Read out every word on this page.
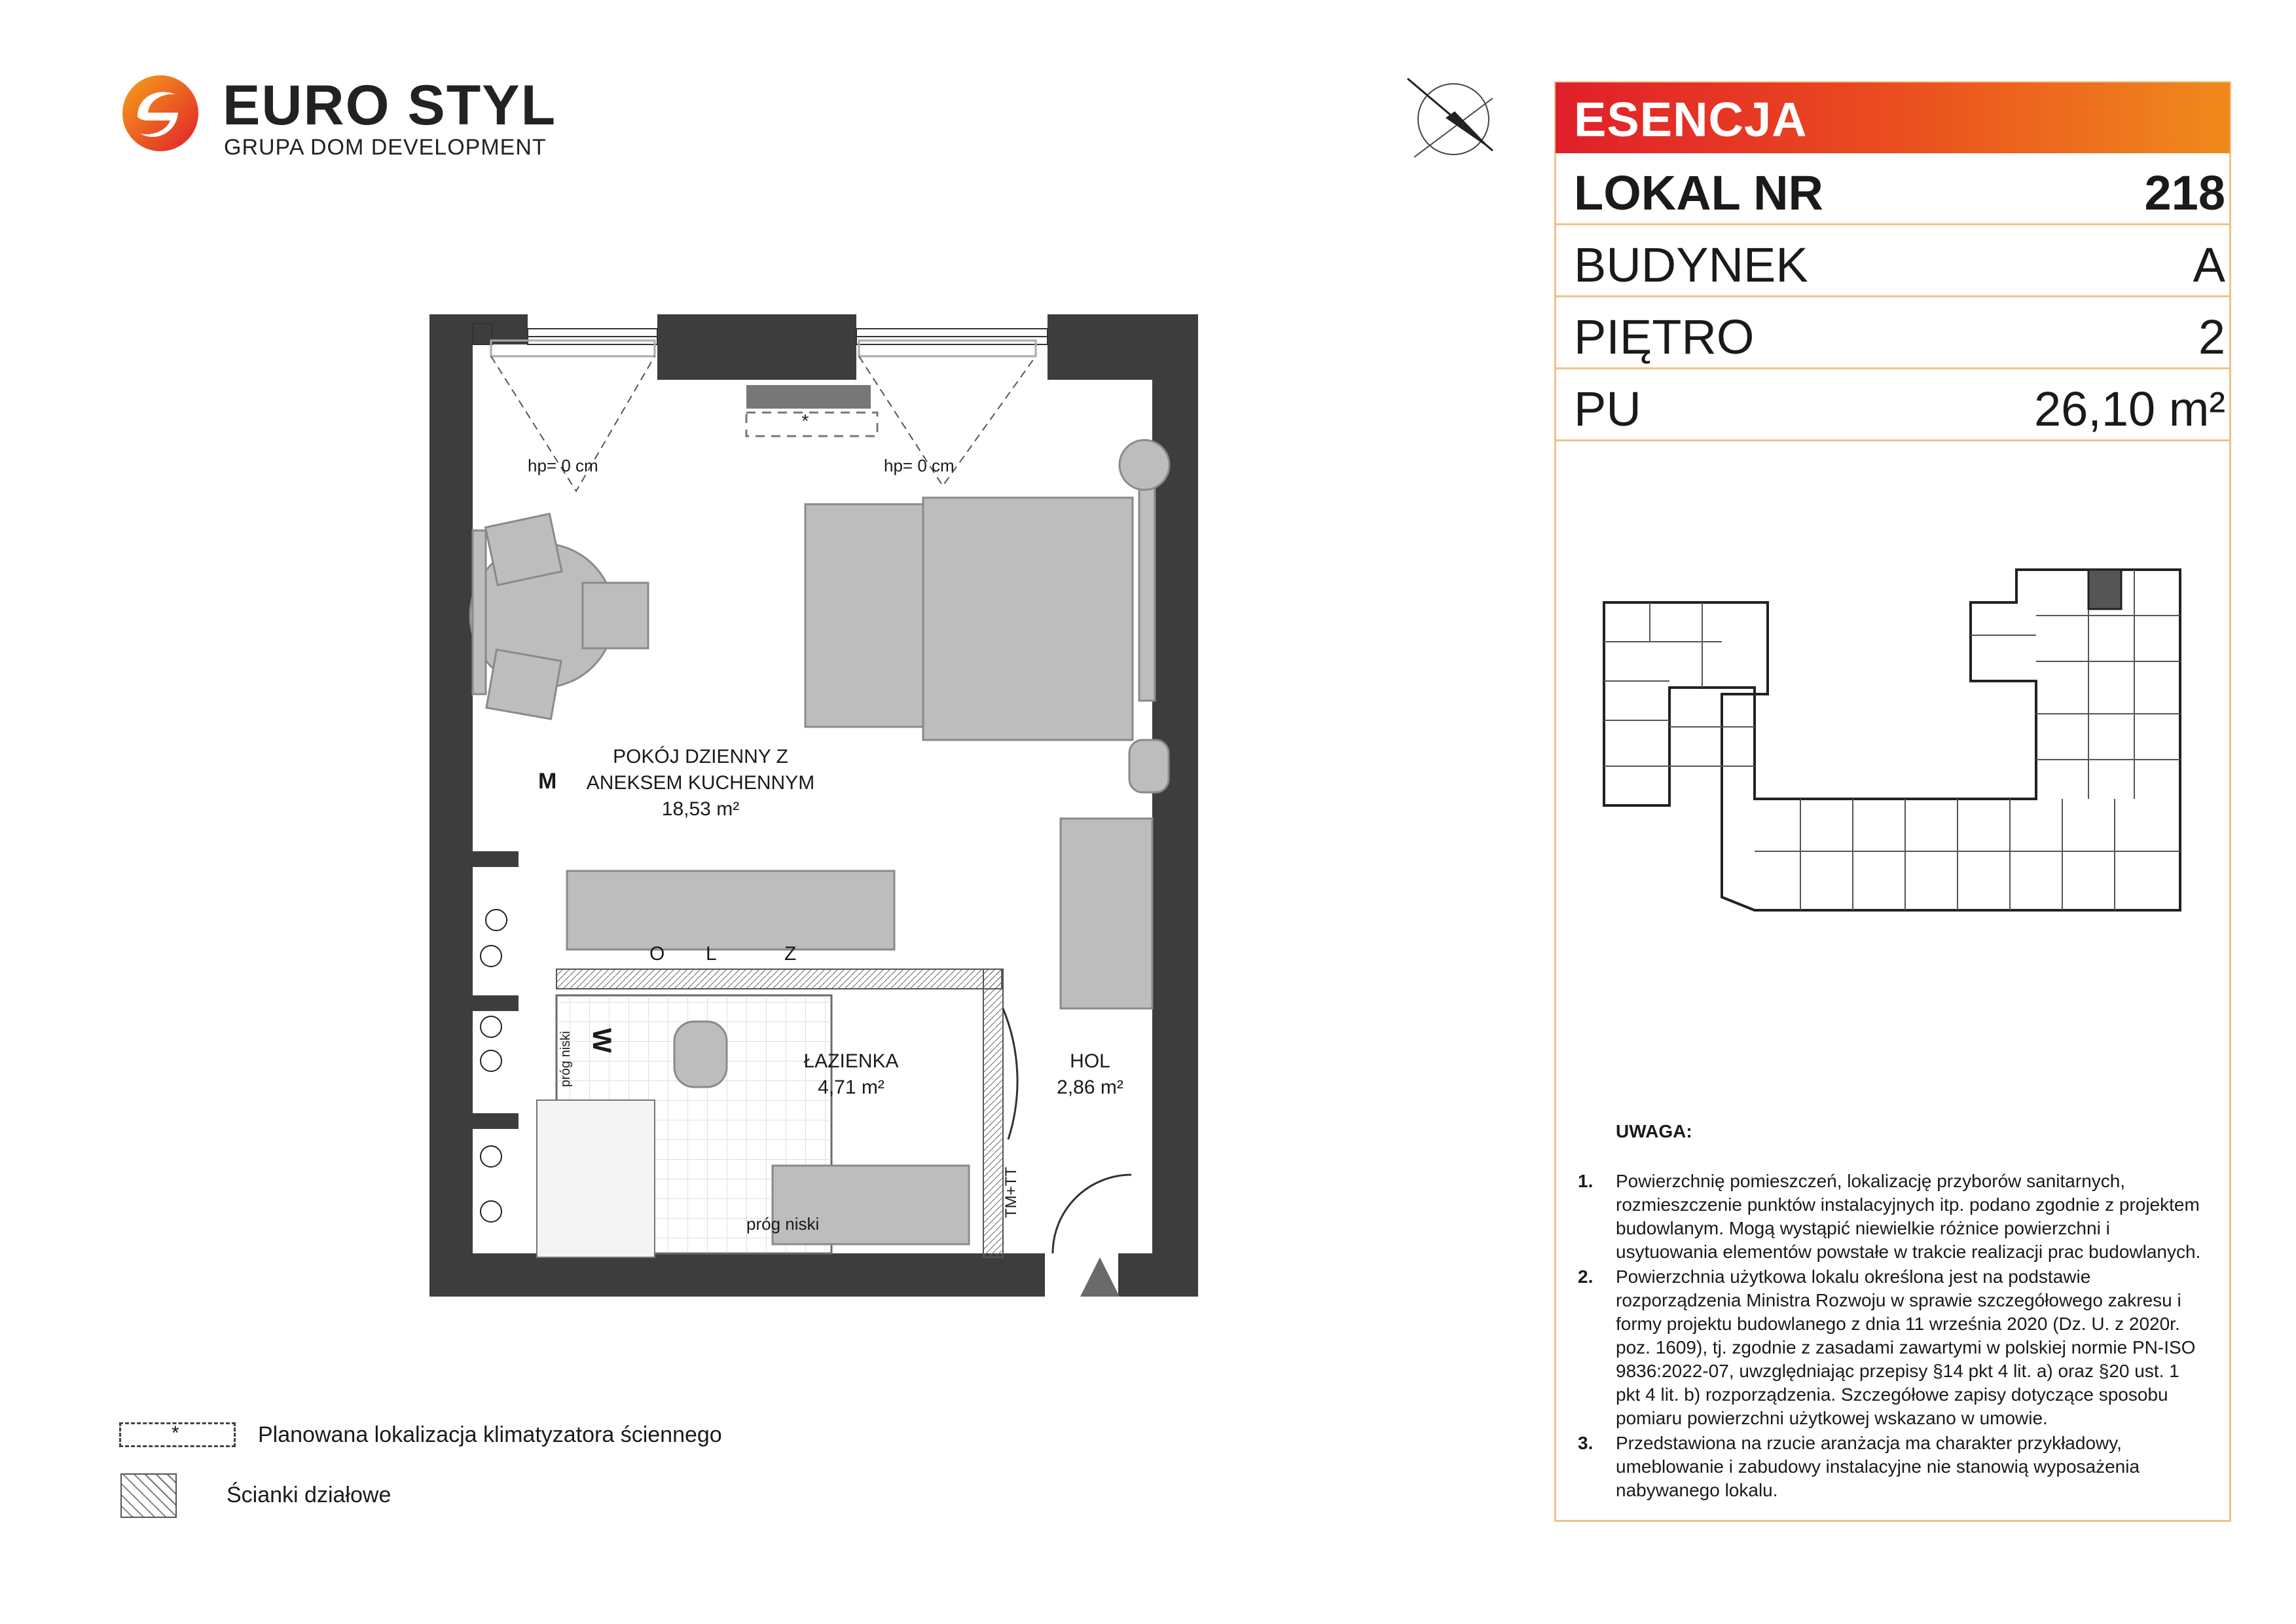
EURO STYL
GRUPA DOM DEVELOPMENT
ESENCJA
LOKAL NR	218
BUDYNEK	A
PIĘTRO	2
PU	26,10 m²
UWAGA:
1. Powierzchnię pomieszczeń, lokalizację przyborów sanitarnych, rozmieszczenie punktów instalacyjnych itp. podano zgodnie z projektem budowlanym. Mogą wystąpić niewielkie różnice powierzchni i usytuowania elementów powstałe w trakcie realizacji prac budowlanych.
2. Powierzchnia użytkowa lokalu określona jest na podstawie rozporządzenia Ministra Rozwoju w sprawie szczegółowego zakresu i formy projektu budowlanego z dnia 11 września 2020 (Dz. U. z 2020r. poz. 1609), tj. zgodnie z zasadami zawartymi w polskiej normie PN-ISO 9836:2022-07, uwzględniając przepisy §14 pkt 4 lit. a) oraz §20 ust. 1 pkt 4 lit. b) rozporządzenia. Szczegółowe zapisy dotyczące sposobu pomiaru powierzchni użytkowej wskazano w umowie.
3. Przedstawiona na rzucie aranżacja ma charakter przykładowy, umeblowanie i zabudowy instalacyjne nie stanowią wyposażenia nabywanego lokalu.
hp= 0 cm	hp= 0 cm
*
POKÓJ DZIENNY Z
ANEKSEM KUCHENNYM
18,53 m²
ŁAZIENKA
4,71 m²
HOL
2,86 m²
M
W
próg niski
próg niski
TM+TT
O L	Z
*	Planowana lokalizacja klimatyzatora ściennego
Ścianki działowe
